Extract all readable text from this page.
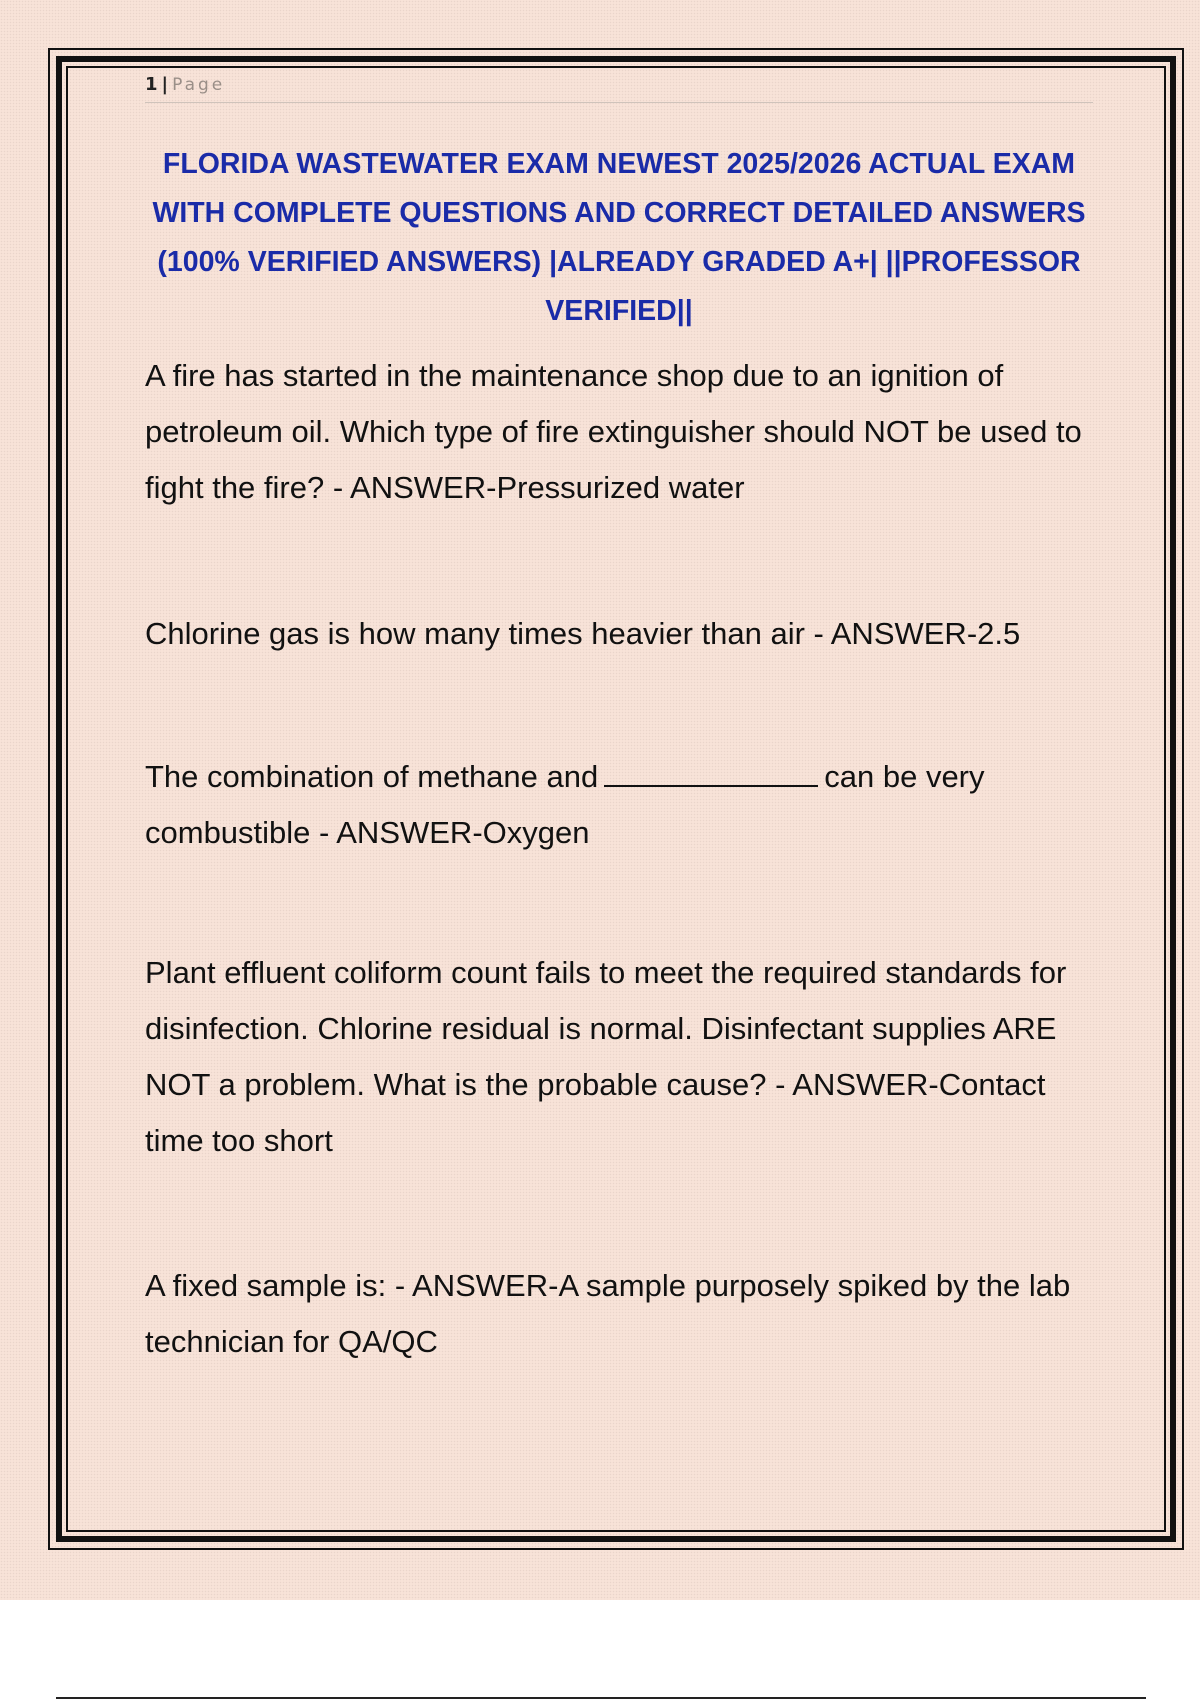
1 | Page
FLORIDA WASTEWATER EXAM NEWEST 2025/2026 ACTUAL EXAM WITH COMPLETE QUESTIONS AND CORRECT DETAILED ANSWERS (100% VERIFIED ANSWERS) |ALREADY GRADED A+| ||PROFESSOR VERIFIED||

A fire has started in the maintenance shop due to an ignition of petroleum oil. Which type of fire extinguisher should NOT be used to fight the fire? - ANSWER-Pressurized water

Chlorine gas is how many times heavier than air - ANSWER-2.5

The combination of methane and	can be very combustible - ANSWER-Oxygen

Plant effluent coliform count fails to meet the required standards for disinfection. Chlorine residual is normal. Disinfectant supplies ARE NOT a problem. What is the probable cause? - ANSWER-Contact time too short

A fixed sample is: - ANSWER-A sample purposely spiked by the lab technician for QA/QC
